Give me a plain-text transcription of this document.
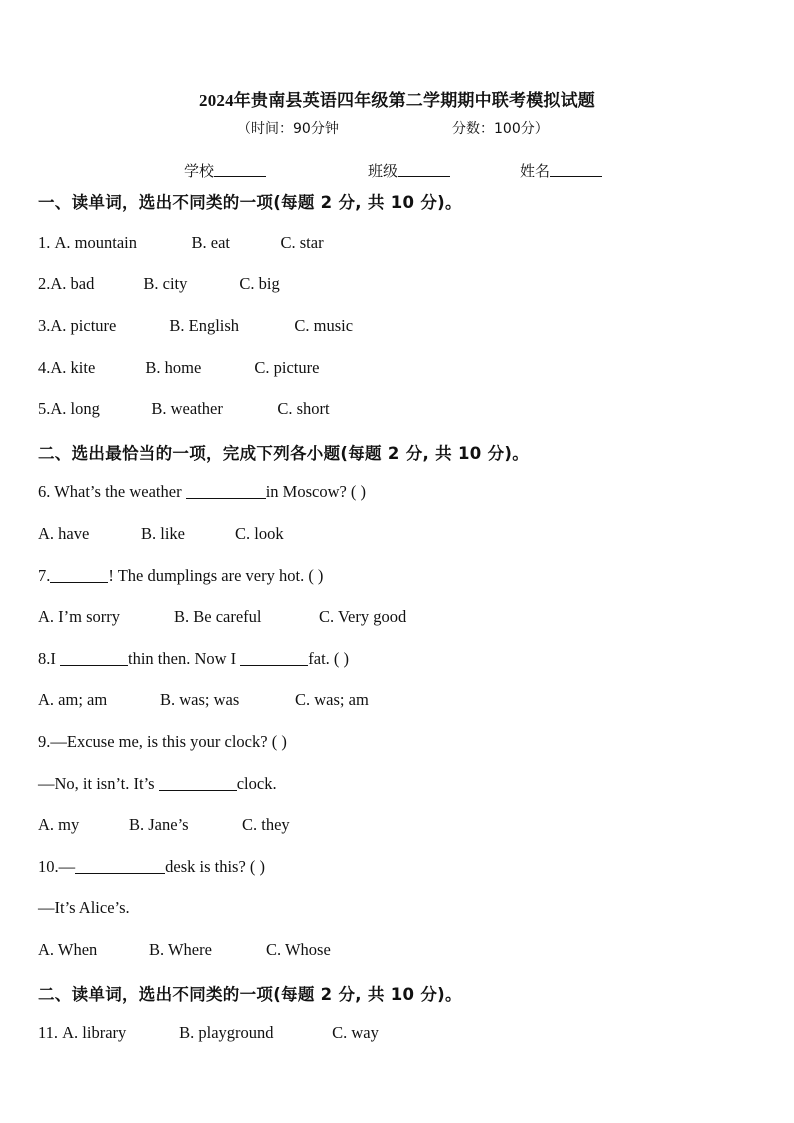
2024年贵南县英语四年级第二学期期中联考模拟试题
（时间：90分钟	分数：100分）
学校	班级	姓名
一、读单词，选出不同类的一项(每题 2 分, 共 10 分)。
1. A. mountain	B. eat	C. star
2.A. bad	B. city	C. big
3.A. picture	B. English	C. music
4.A. kite	B. home	C. picture
5.A. long	B. weather	C. short
二、选出最恰当的一项，完成下列各小题(每题 2 分, 共 10 分)。
6. What’s the weather	in Moscow? ( )
A. have	B. like	C. look
7.	! The dumplings are very hot. ( )
A. I’m sorry	B. Be careful	C. Very good
8.I	thin then. Now I	fat. ( )
A. am; am	B. was; was	C. was; am
9.—Excuse me, is this your clock? ( )
—No, it isn’t. It’s	clock.
A. my	B. Jane’s	C. they
10.—	desk is this? ( )
—It’s Alice’s.
A. When	B. Where	C. Whose
二、读单词，选出不同类的一项(每题 2 分, 共 10 分)。
11. A. library	B. playground	C. way
